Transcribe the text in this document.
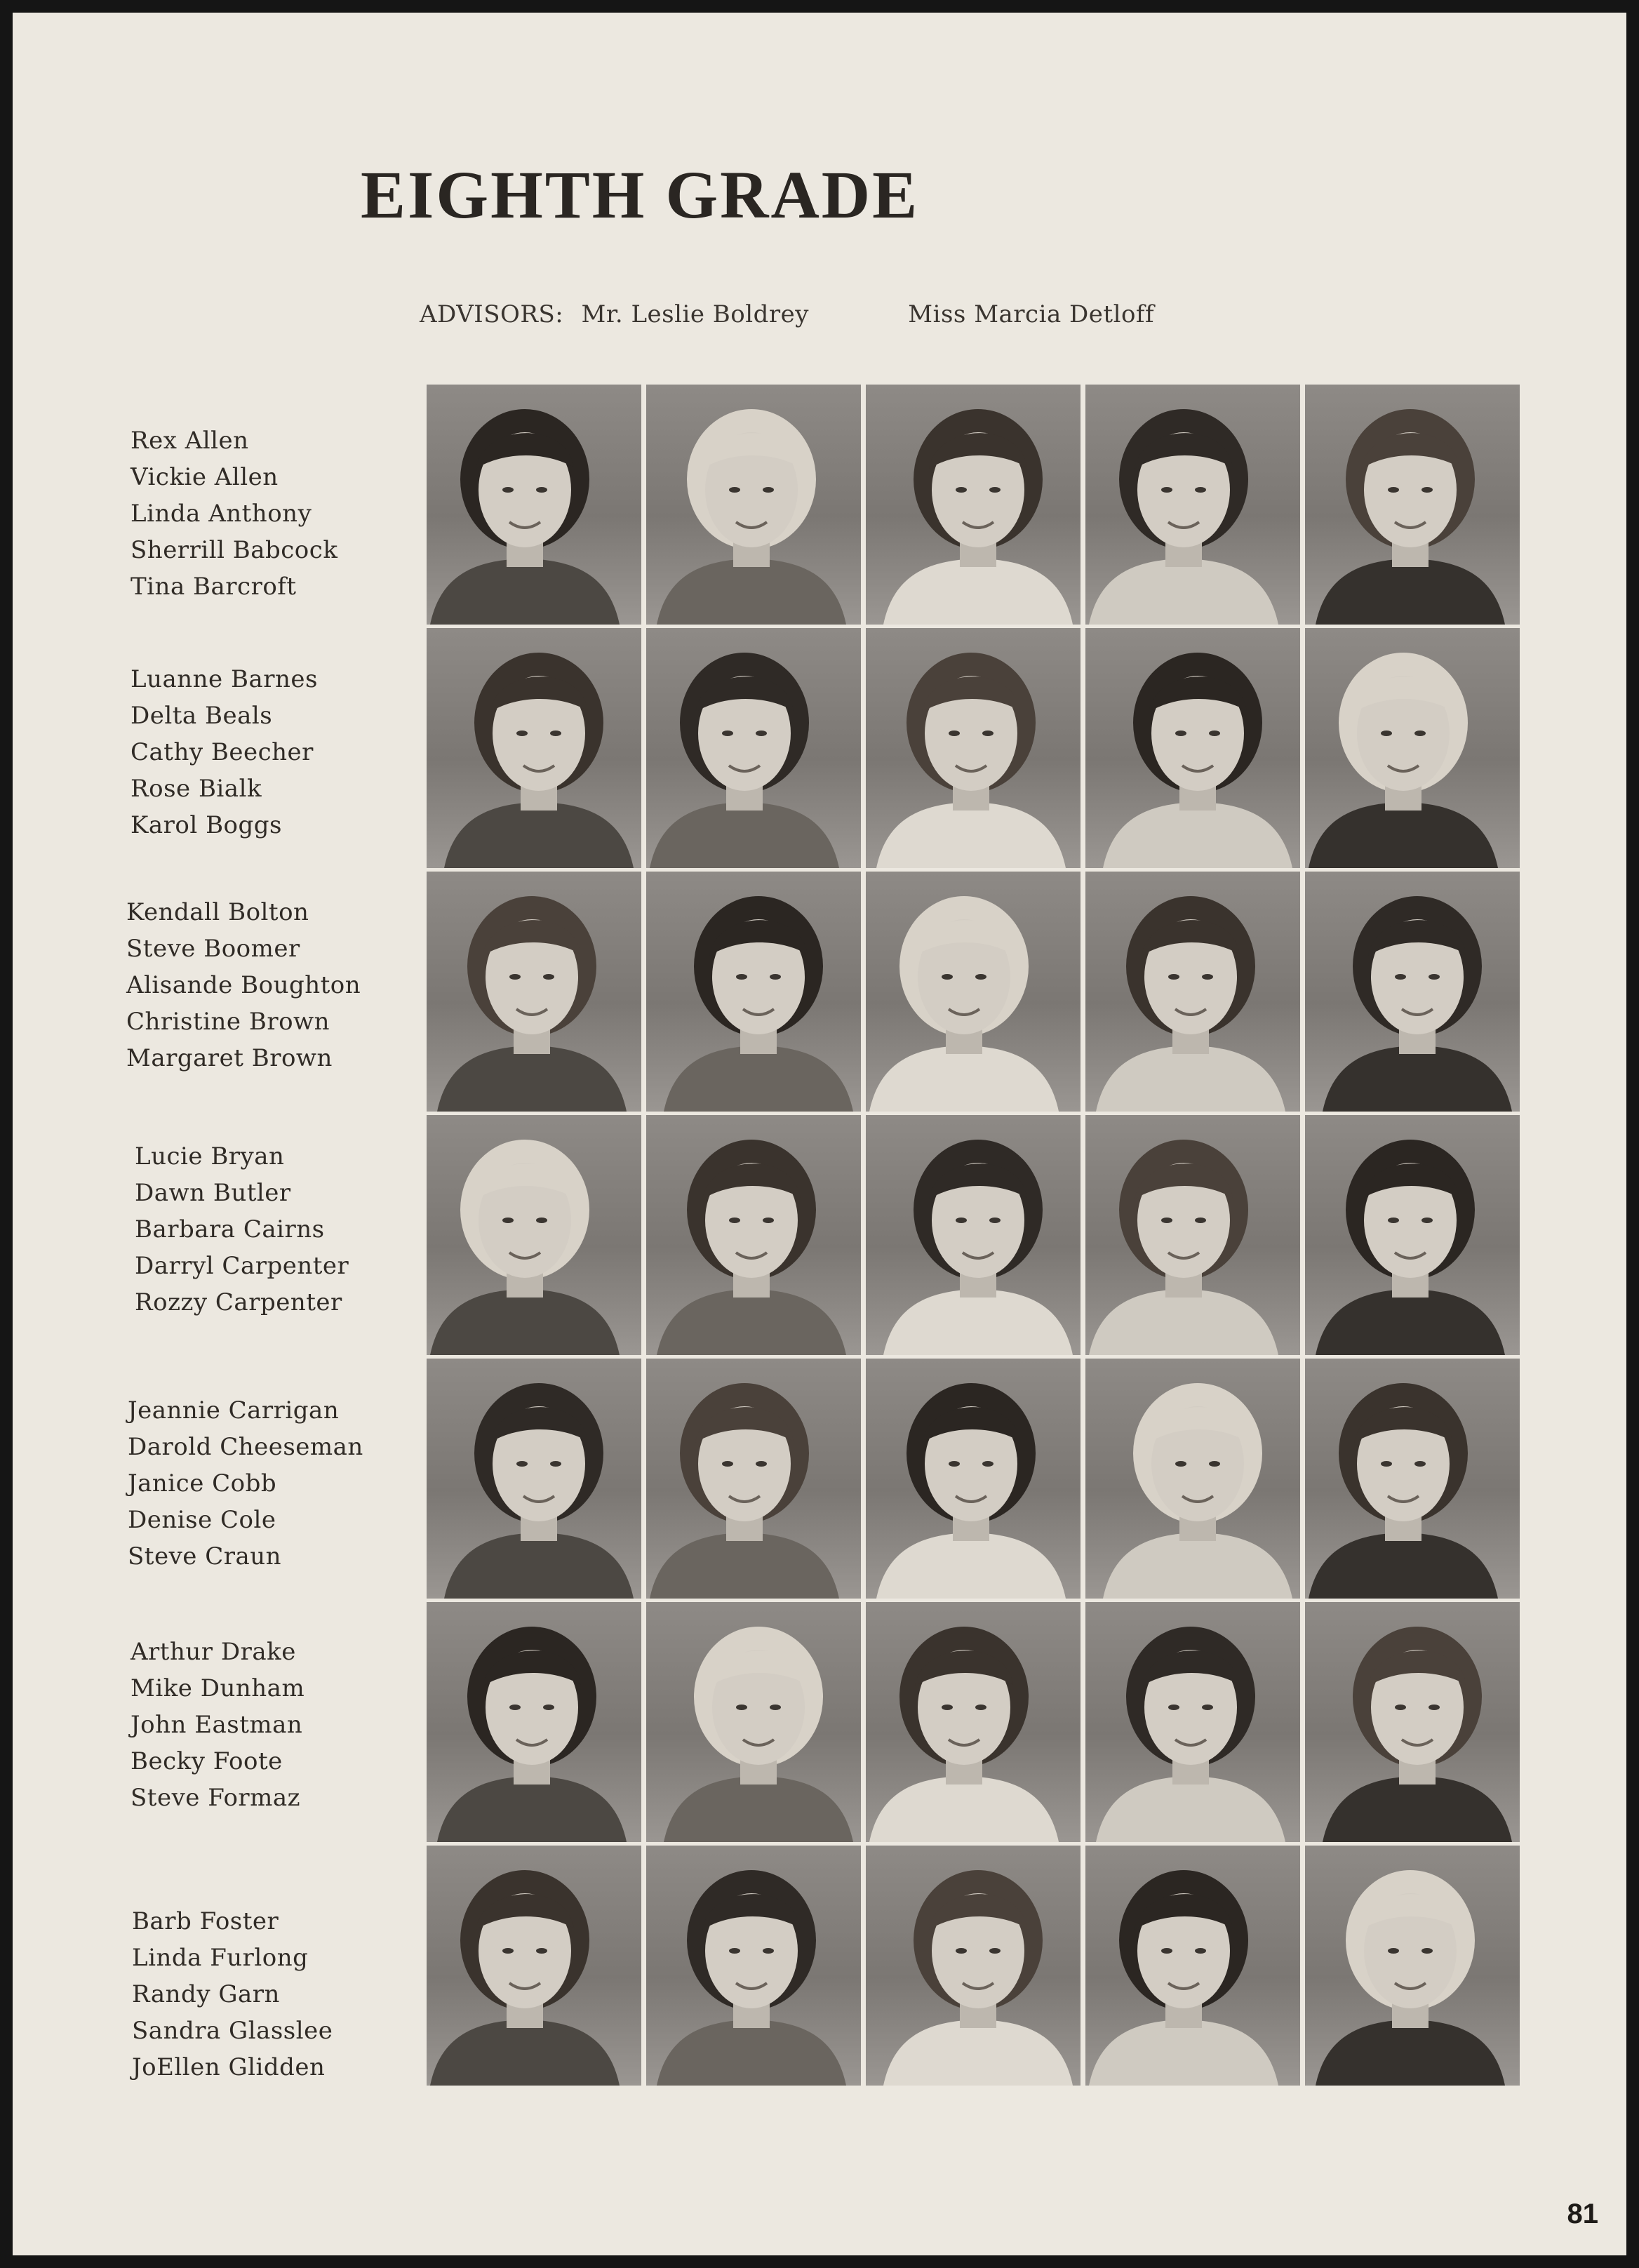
EIGHTH GRADE
ADVISORS: Mr. Leslie Boldrey	Miss Marcia Detloff
Rex Allen
Vickie Allen
Linda Anthony
Sherrill Babcock
Tina Barcroft
Luanne Barnes
Delta Beals
Cathy Beecher
Rose Bialk
Karol Boggs
Kendall Bolton
Steve Boomer
Alisande Boughton
Christine Brown
Margaret Brown
Lucie Bryan
Dawn Butler
Barbara Cairns
Darryl Carpenter
Rozzy Carpenter
Jeannie Carrigan
Darold Cheeseman
Janice Cobb
Denise Cole
Steve Craun
Arthur Drake
Mike Dunham
John Eastman
Becky Foote
Steve Formaz
Barb Foster
Linda Furlong
Randy Garn
Sandra Glasslee
JoEllen Glidden
81
